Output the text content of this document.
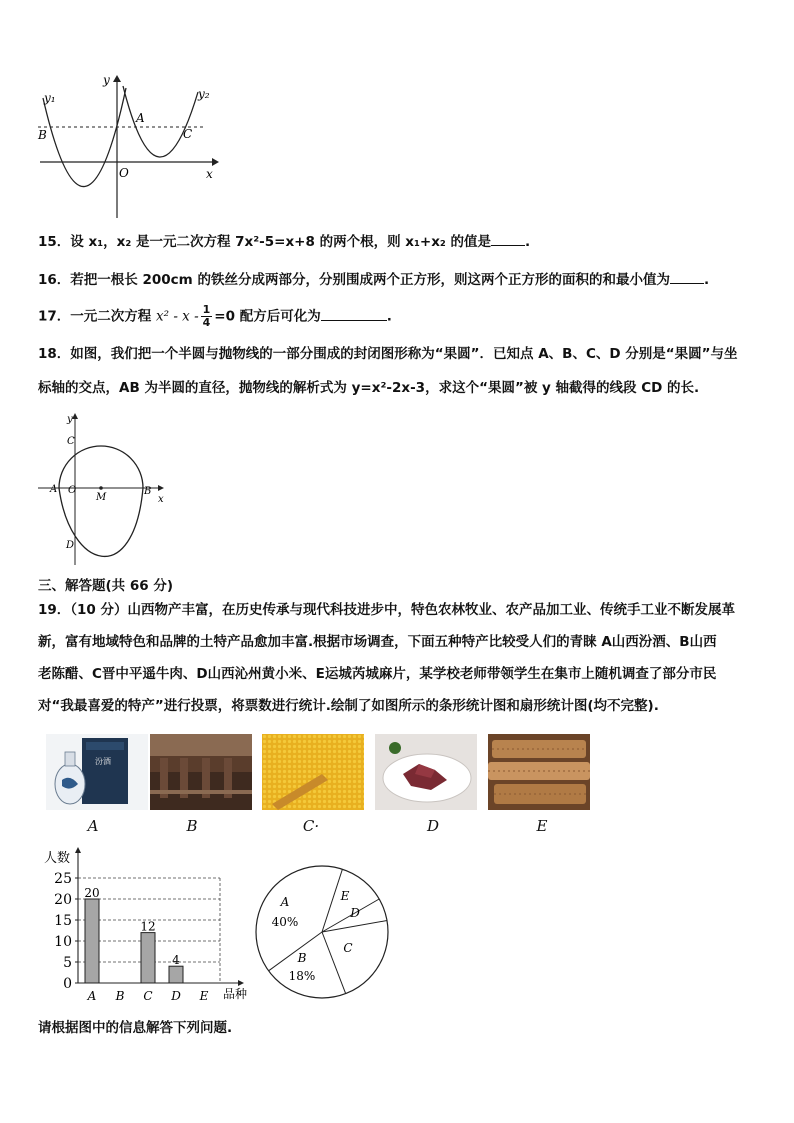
y₁	y₂
y
x
A
B	C
O
15．设 x₁，x₂ 是一元二次方程 7x²-5=x+8 的两个根，则 x₁+x₂ 的值是	.
16．若把一根长 200cm 的铁丝分成两部分，分别围成两个正方形，则这两个正方形的面积的和最小值为	.
17．一元二次方程 $x^2 - x - \frac{1}{4} =0$ 配方后可化为	.
18．如图，我们把一个半圆与抛物线的一部分围成的封闭图形称为“果圆”．已知点 A、B、C、D 分别是“果圆”与坐
标轴的交点，AB 为半圆的直径，抛物线的解析式为 y=x²-2x-3，求这个“果圆”被 y 轴截得的线段 CD 的长.
y
x
A O
M
B
C
D
三、解答题(共 66 分)
19．（10 分）山西物产丰富，在历史传承与现代科技进步中，特色农林牧业、农产品加工业、传统手工业不断发展革
新，富有地域特色和品牌的土特产品愈加丰富.根据市场调查，下面五种特产比较受人们的青睐 A山西汾酒、B山西
老陈醋、C晋中平遥牛肉、D山西沁州黄小米、E运城芮城麻片，某学校老师带领学生在集市上随机调查了部分市民
对“我最喜爱的特产”进行投票，将票数进行统计.绘制了如图所示的条形统计图和扇形统计图(均不完整).
汾酒
A	B	C·	D	E
0
5
10
15
20
25
人数
品种
20
A B
12
C
4
D E
A
40%
B
18%
C
D
E
请根据图中的信息解答下列问题.
